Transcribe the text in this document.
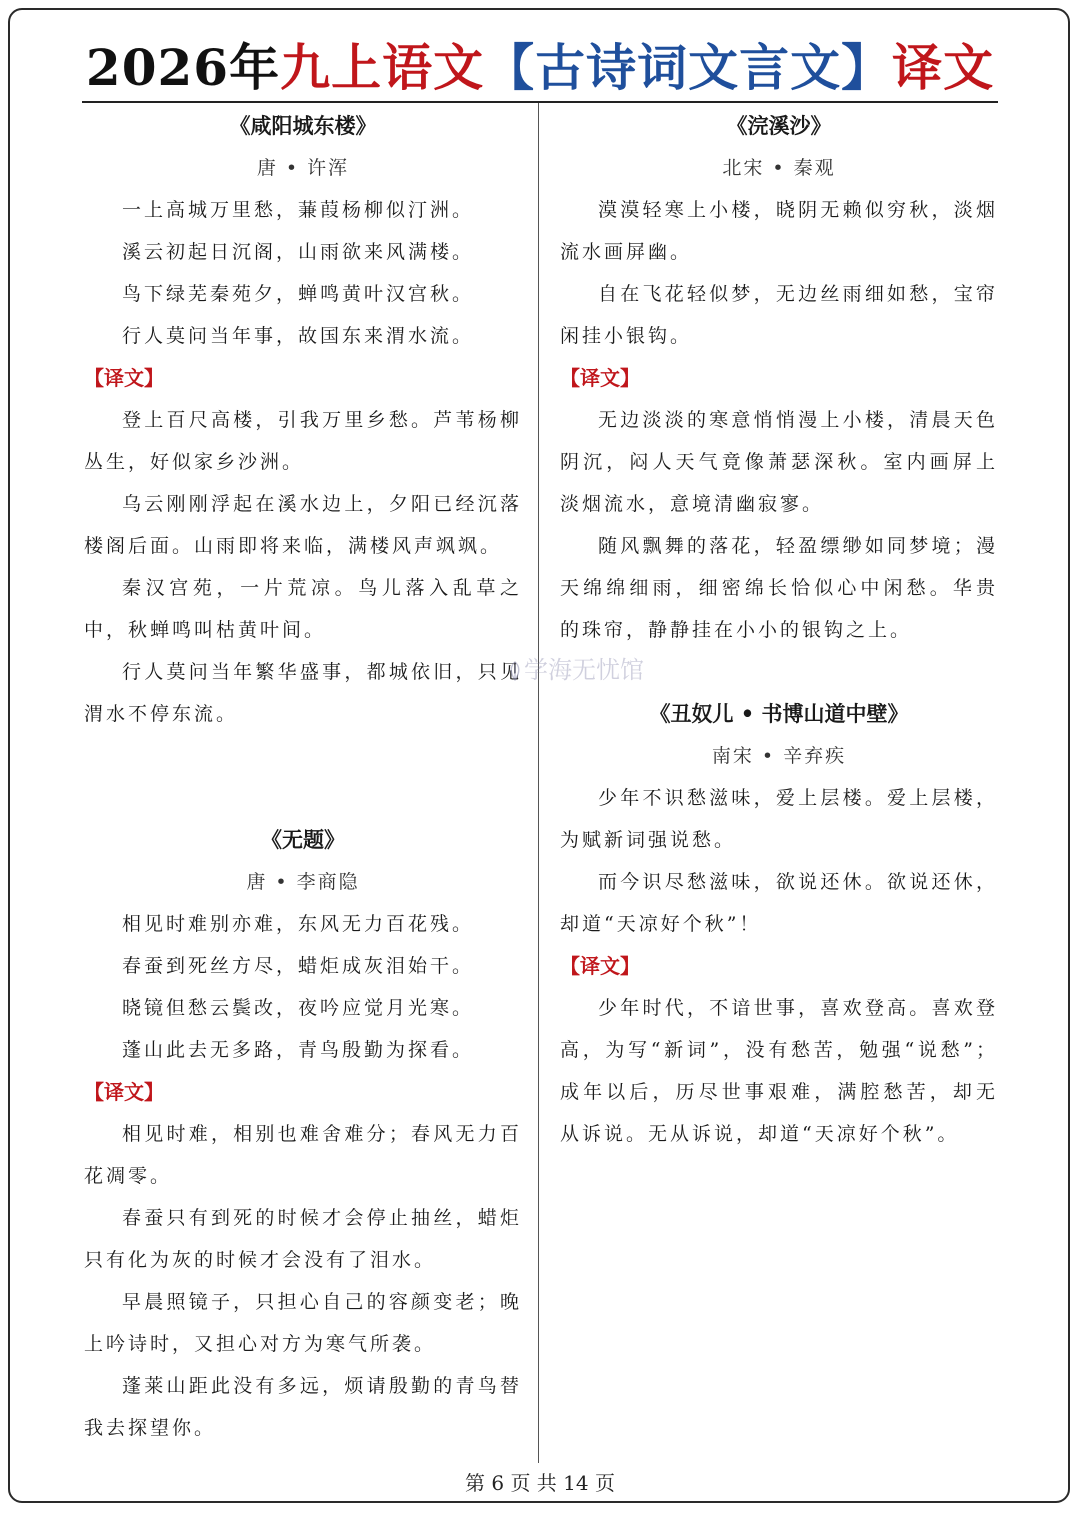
2026年九上语文【古诗词文言文】译文
《咸阳城东楼》
唐 • 许浑
一上高城万里愁，蒹葭杨柳似汀洲。
溪云初起日沉阁，山雨欲来风满楼。
鸟下绿芜秦苑夕，蝉鸣黄叶汉宫秋。
行人莫问当年事，故国东来渭水流。
【译文】
登上百尺高楼，引我万里乡愁。芦苇杨柳丛生，好似家乡沙洲。
乌云刚刚浮起在溪水边上，夕阳已经沉落楼阁后面。山雨即将来临，满楼风声飒飒。
秦汉宫苑，一片荒凉。鸟儿落入乱草之中，秋蝉鸣叫枯黄叶间。
行人莫问当年繁华盛事，都城依旧，只见渭水不停东流。
《无题》
唐 • 李商隐
相见时难别亦难，东风无力百花残。
春蚕到死丝方尽，蜡炬成灰泪始干。
晓镜但愁云鬓改，夜吟应觉月光寒。
蓬山此去无多路，青鸟殷勤为探看。
【译文】
相见时难，相别也难舍难分；春风无力百花凋零。
春蚕只有到死的时候才会停止抽丝，蜡炬只有化为灰的时候才会没有了泪水。
早晨照镜子，只担心自己的容颜变老；晚上吟诗时，又担心对方为寒气所袭。
蓬莱山距此没有多远，烦请殷勤的青鸟替我去探望你。
《浣溪沙》
北宋 • 秦观
漠漠轻寒上小楼，晓阴无赖似穷秋，淡烟流水画屏幽。
自在飞花轻似梦，无边丝雨细如愁，宝帘闲挂小银钩。
【译文】
无边淡淡的寒意悄悄漫上小楼，清晨天色阴沉，闷人天气竟像萧瑟深秋。室内画屏上淡烟流水，意境清幽寂寥。
随风飘舞的落花，轻盈缥缈如同梦境；漫天绵绵细雨，细密绵长恰似心中闲愁。华贵的珠帘，静静挂在小小的银钩之上。
《丑奴儿 • 书博山道中壁》
南宋 • 辛弃疾
少年不识愁滋味，爱上层楼。爱上层楼，为赋新词强说愁。
而今识尽愁滋味，欲说还休。欲说还休，却道“天凉好个秋”！
【译文】
少年时代，不谙世事，喜欢登高。喜欢登高，为写“新词”，没有愁苦，勉强“说愁”；成年以后，历尽世事艰难，满腔愁苦，却无从诉说。无从诉说，却道“天凉好个秋”。
学海无忧馆
第 6 页 共 14 页
